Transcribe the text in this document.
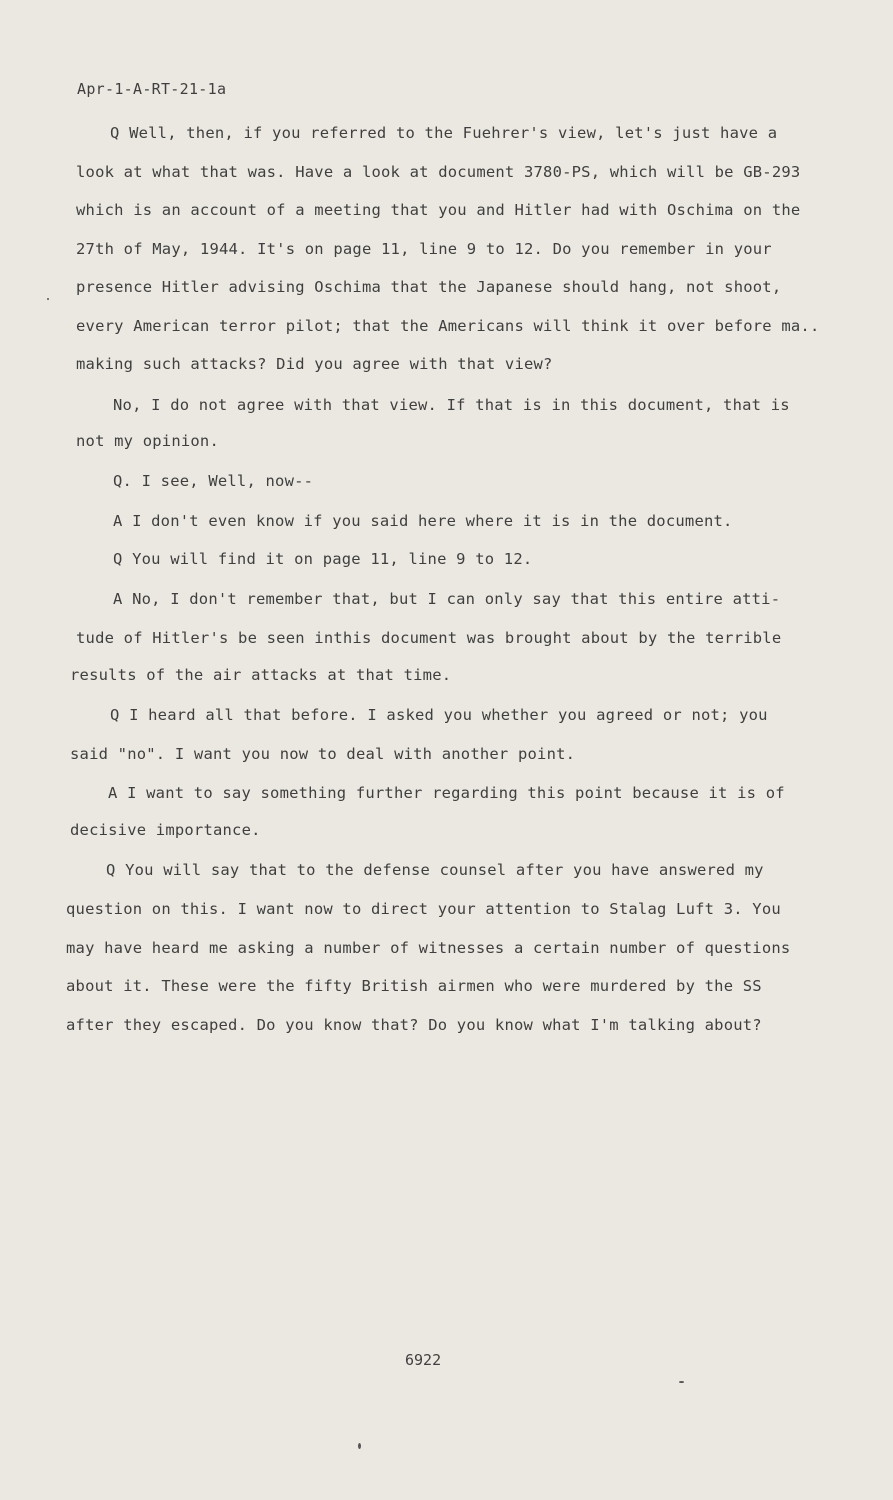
Apr-1-A-RT-21-1a
Q Well, then, if you referred to the Fuehrer's view, let's just have a
look at what that was. Have a look at document 3780-PS, which will be GB-293
which is an account of a meeting that you and Hitler had with Oschima on the
27th of May, 1944. It's on page 11, line 9 to 12. Do you remember in your
presence Hitler advising Oschima that the Japanese should hang, not shoot,
every American terror pilot; that the Americans will think it over before ma..
making such attacks? Did you agree with that view?
No, I do not agree with that view. If that is in this document, that is
not my opinion.
Q. I see, Well, now--
A I don't even know if you said here where it is in the document.
Q You will find it on page 11, line 9 to 12.
A No, I don't remember that, but I can only say that this entire atti-
tude of Hitler's be seen inthis document was brought about by the terrible
results of the air attacks at that time.
Q I heard all that before. I asked you whether you agreed or not; you
said "no". I want you now to deal with another point.
A I want to say something further regarding this point because it is of
decisive importance.
Q You will say that to the defense counsel after you have answered my
question on this. I want now to direct your attention to Stalag Luft 3. You
may have heard me asking a number of witnesses a certain number of questions
about it. These were the fifty British airmen who were murdered by the SS
after they escaped. Do you know that? Do you know what I'm talking about?
6922
